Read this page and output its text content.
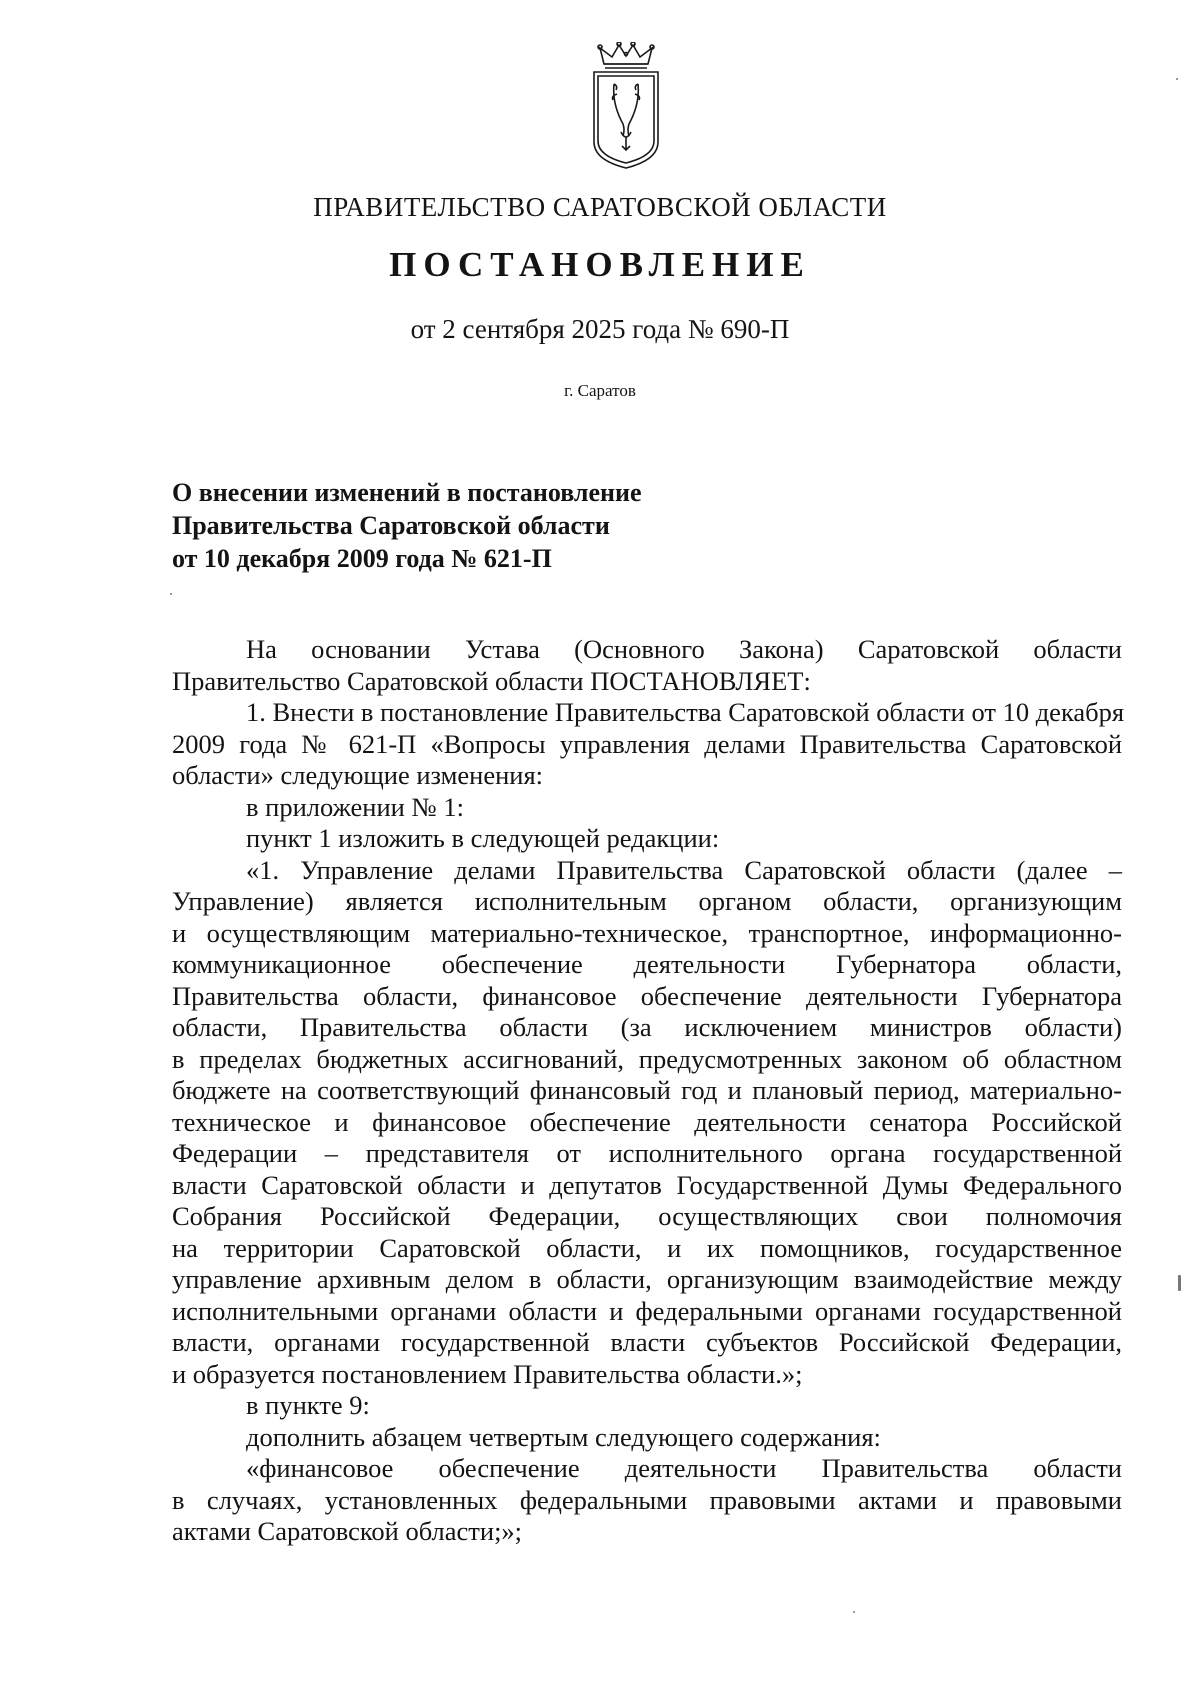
ПРАВИТЕЛЬСТВО САРАТОВСКОЙ ОБЛАСТИ
ПОСТАНОВЛЕНИЕ
от 2 сентября 2025 года № 690-П
г. Саратов
О внесении изменений в постановление
Правительства Саратовской области
от 10 декабря 2009 года № 621-П
На основании Устава (Основного Закона) Саратовской области
Правительство Саратовской области ПОСТАНОВЛЯЕТ:
1. Внести в постановление Правительства Саратовской области от 10 декабря
2009 года № 621-П «Вопросы управления делами Правительства Саратовской
области» следующие изменения:
в приложении № 1:
пункт 1 изложить в следующей редакции:
«1. Управление делами Правительства Саратовской области (далее –
Управление) является исполнительным органом области, организующим
и осуществляющим материально-техническое, транспортное, информационно-
коммуникационное обеспечение деятельности Губернатора области,
Правительства области, финансовое обеспечение деятельности Губернатора
области, Правительства области (за исключением министров области)
в пределах бюджетных ассигнований, предусмотренных законом об областном
бюджете на соответствующий финансовый год и плановый период, материально-
техническое и финансовое обеспечение деятельности сенатора Российской
Федерации – представителя от исполнительного органа государственной
власти Саратовской области и депутатов Государственной Думы Федерального
Собрания Российской Федерации, осуществляющих свои полномочия
на территории Саратовской области, и их помощников, государственное
управление архивным делом в области, организующим взаимодействие между
исполнительными органами области и федеральными органами государственной
власти, органами государственной власти субъектов Российской Федерации,
и образуется постановлением Правительства области.»;
в пункте 9:
дополнить абзацем четвертым следующего содержания:
«финансовое обеспечение деятельности Правительства области
в случаях, установленных федеральными правовыми актами и правовыми
актами Саратовской области;»;
